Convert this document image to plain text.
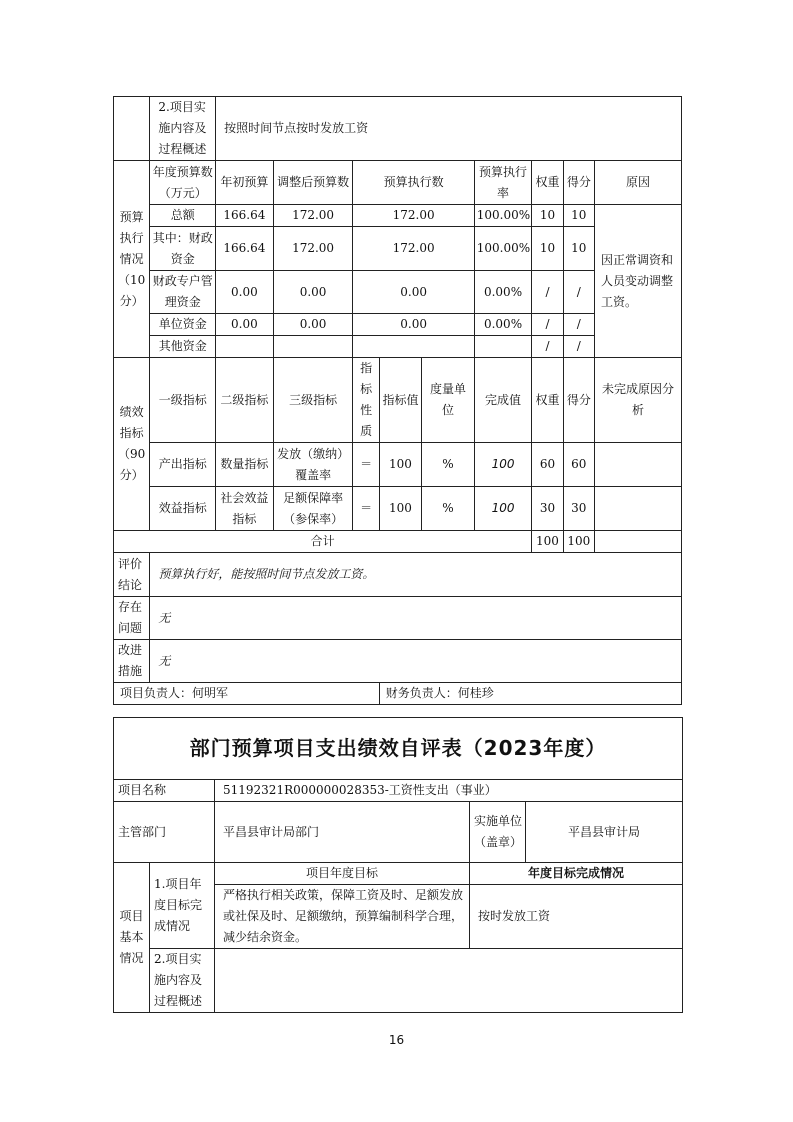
	2.项目实施内容及过程概述	按照时间节点按时发放工资								
预算执行情况（10分）	年度预算数（万元）	年初预算	调整后预算数	预算执行数			预算执行率	权重	得分	原因
	总额	166.64	172.00	172.00			100.00%	10	10	因正常调资和人员变动调整工资。
	其中：财政资金	166.64	172.00	172.00			100.00%	10	10	
	财政专户管理资金	0.00	0.00	0.00			0.00%	/	/	
	单位资金	0.00	0.00	0.00			0.00%	/	/	
	其他资金							/	/	
绩效指标（90分）	一级指标	二级指标	三级指标	指标性质	指标值	度量单位	完成值	权重	得分	未完成原因分析
	产出指标	数量指标	发放（缴纳）覆盖率	＝	100	%	100	60	60	
	效益指标	社会效益指标	足额保障率（参保率）	＝	100	%	100	30	30	
合计								100	100	
评价结论	预算执行好，能按照时间节点发放工资。									
存在问题	无									
改进措施	无									
项目负责人：何明军					财务负责人：何桂珍					
部门预算项目支出绩效自评表（2023年度）				
项目名称		51192321R000000028353-工资性支出（事业）		
主管部门		平昌县审计局部门	实施单位（盖章）	平昌县审计局
项目基本情况	1.项目年度目标完成情况	项目年度目标	年度目标完成情况	
		严格执行相关政策，保障工资及时、足额发放或社保及时、足额缴纳，预算编制科学合理，减少结余资金。	按时发放工资	
	2.项目实施内容及过程概述			
16
